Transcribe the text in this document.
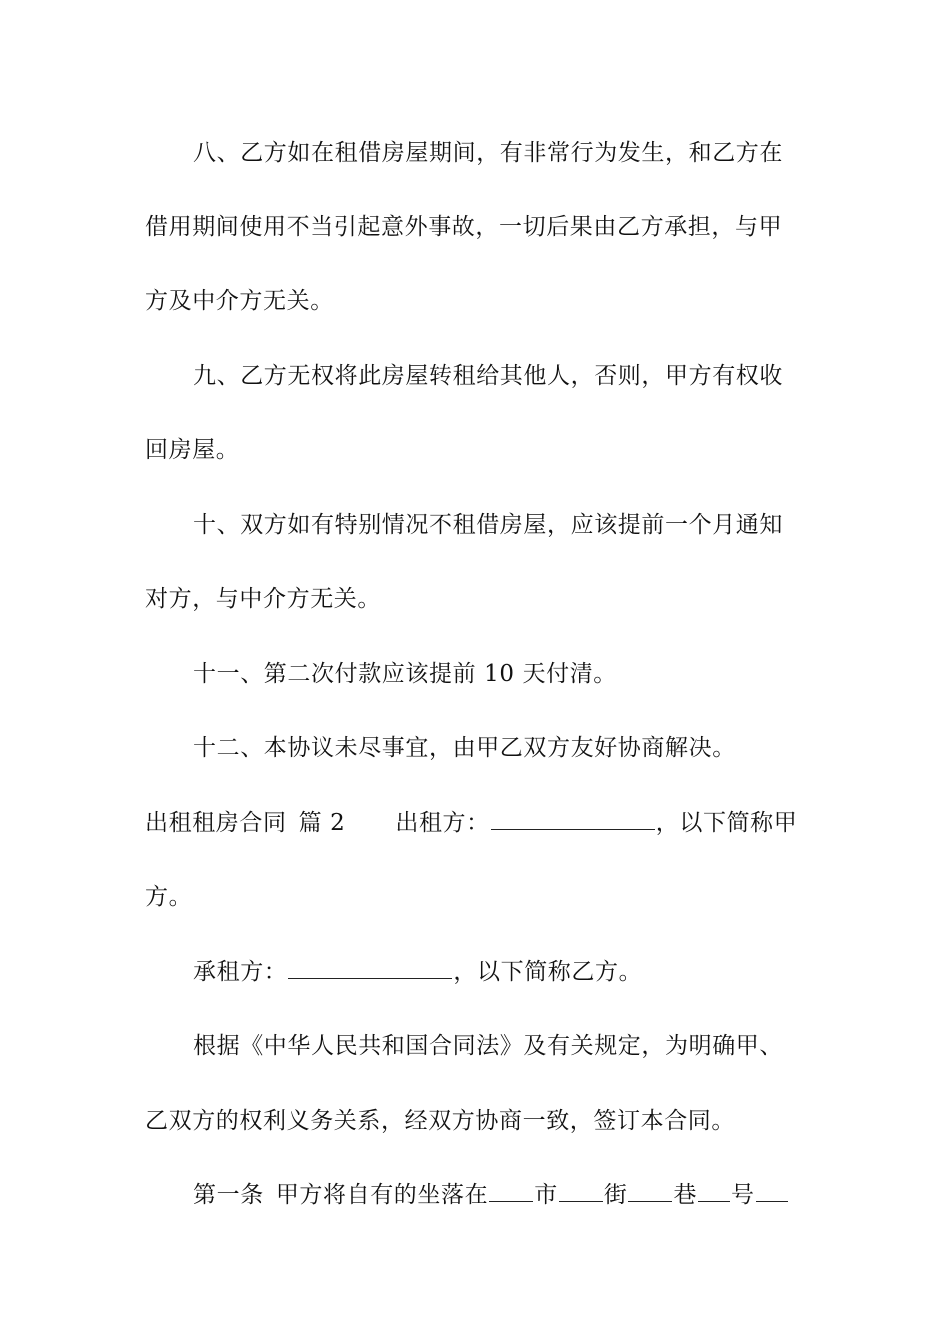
八、乙方如在租借房屋期间，有非常行为发生，和乙方在
借用期间使用不当引起意外事故，一切后果由乙方承担，与甲
方及中介方无关。
九、乙方无权将此房屋转租给其他人，否则，甲方有权收
回房屋。
十、双方如有特别情况不租借房屋，应该提前一个月通知
对方，与中介方无关。
十一、第二次付款应该提前 10 天付清。
十二、本协议未尽事宜，由甲乙双方友好协商解决。
出租租房合同 篇 2 出租方：	，以下简称甲
方。
承租方：	，以下简称乙方。
根据《中华人民共和国合同法》及有关规定，为明确甲、
乙双方的权利义务关系，经双方协商一致，签订本合同。
第一条 甲方将自有的坐落在 市 街 巷 号
